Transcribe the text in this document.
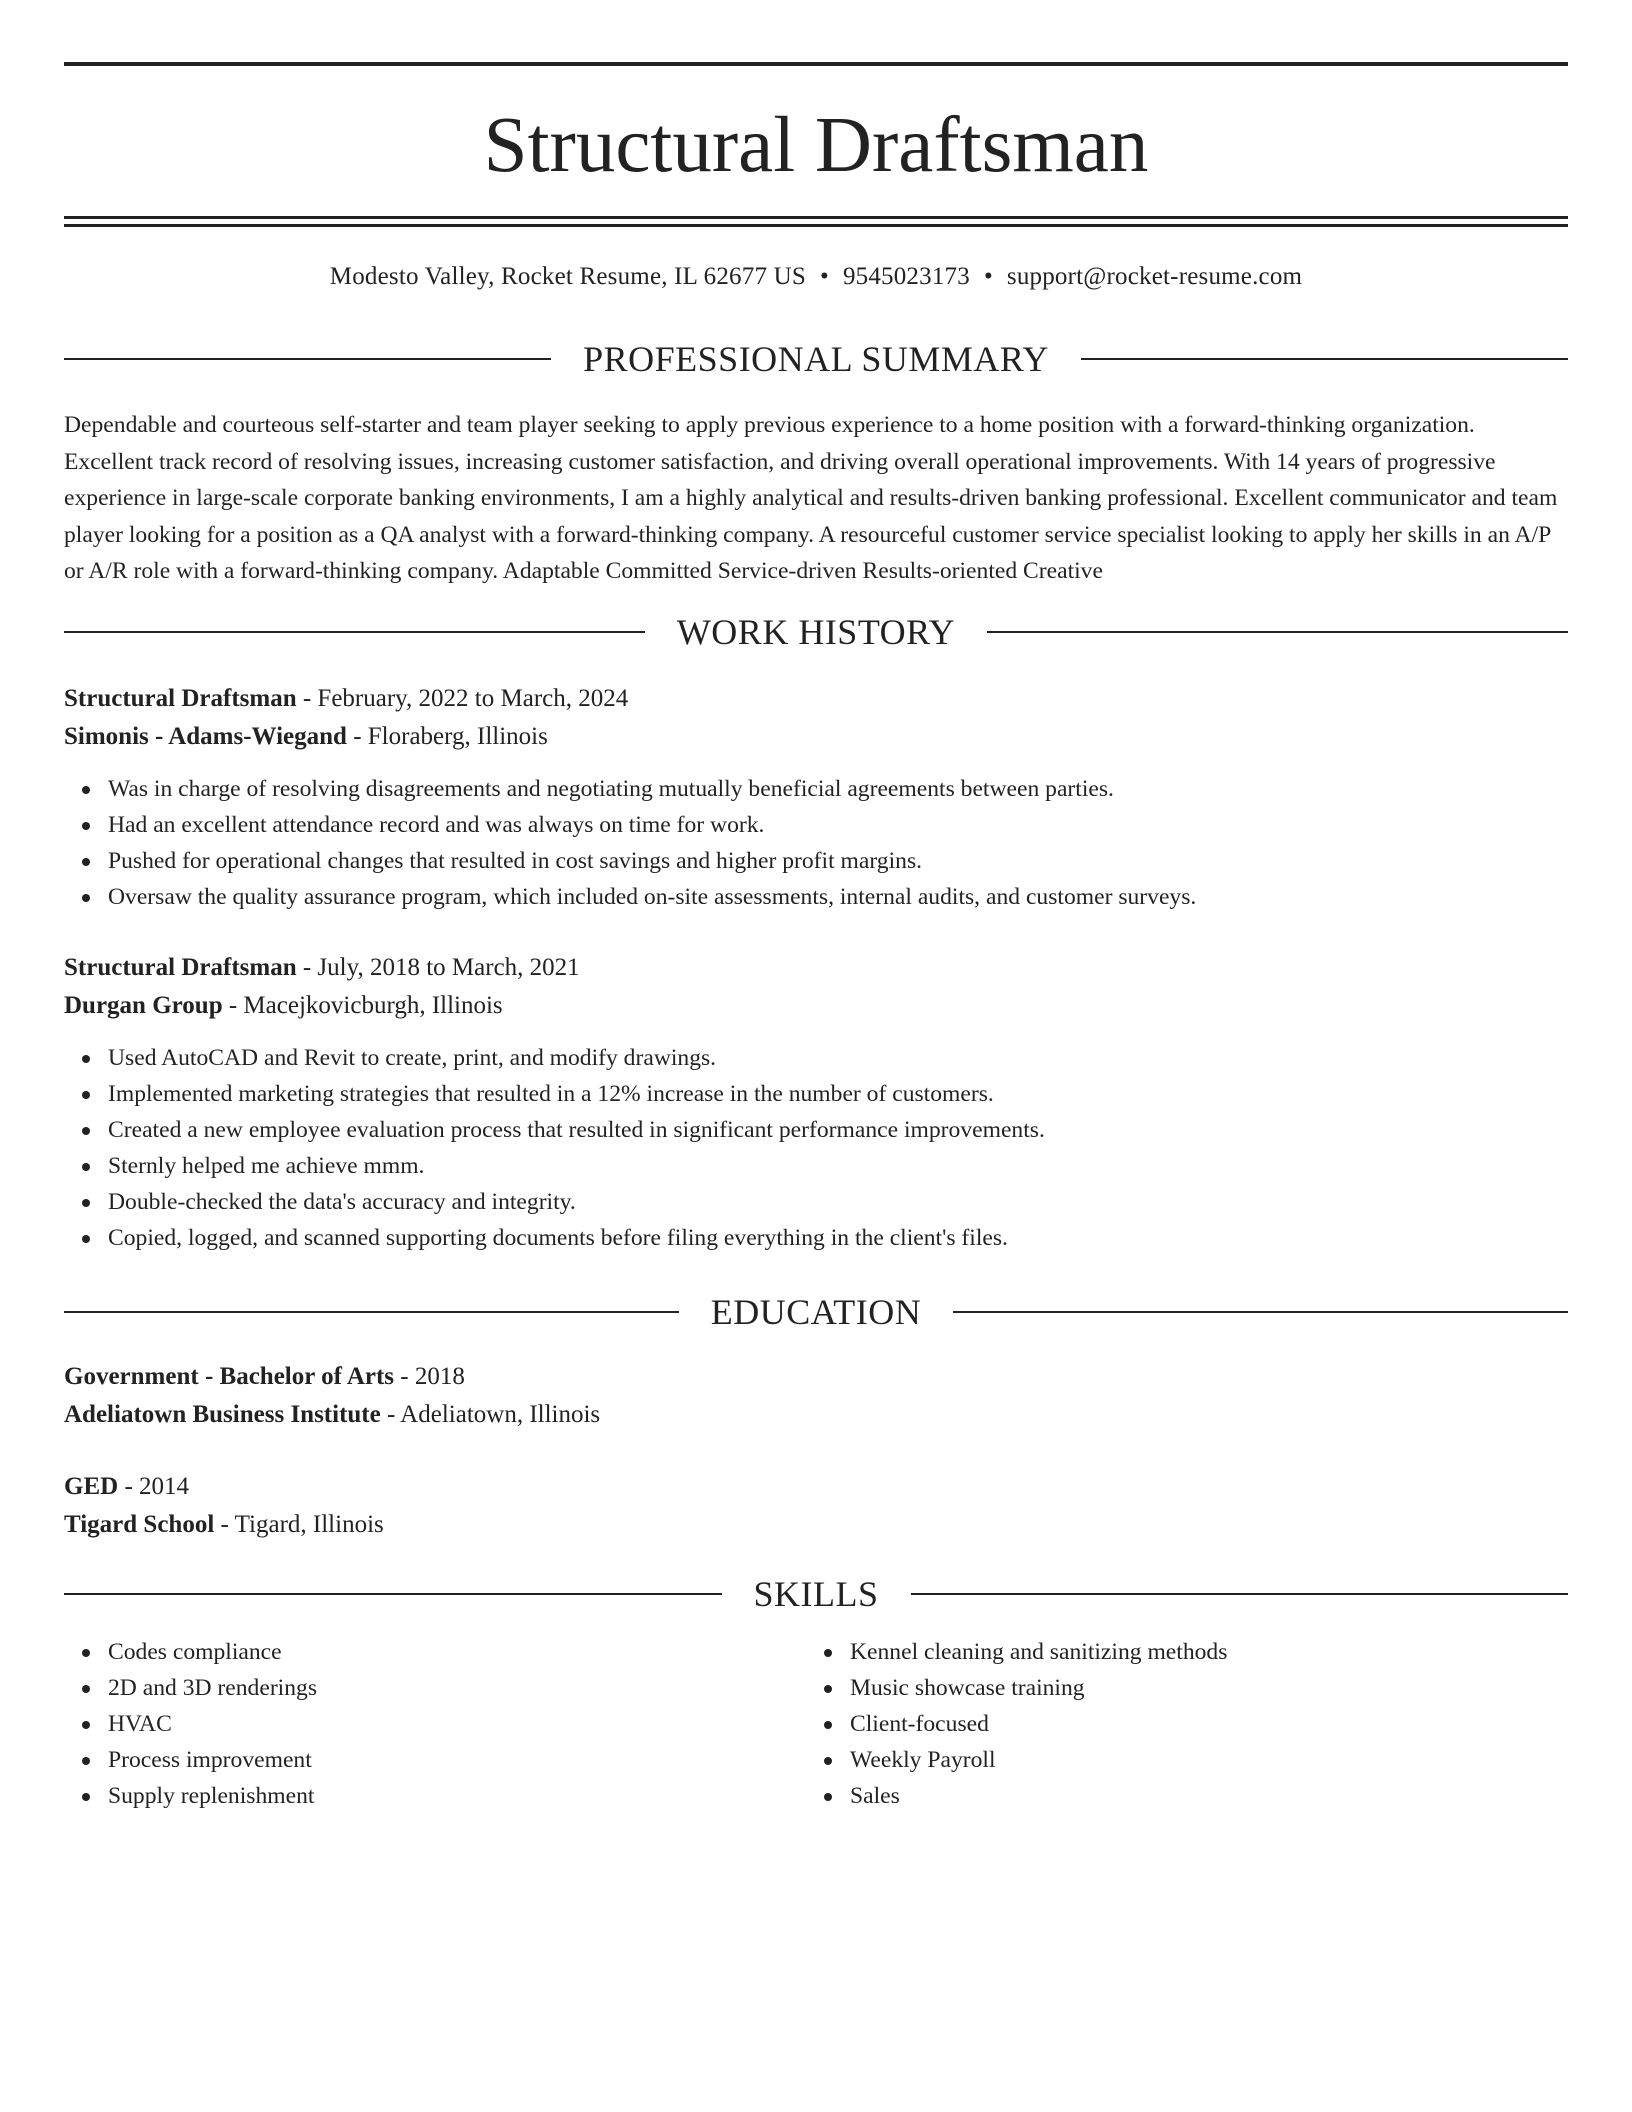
Structural Draftsman
Modesto Valley, Rocket Resume, IL 62677 US • 9545023173 • support@rocket-resume.com
PROFESSIONAL SUMMARY

Dependable and courteous self-starter and team player seeking to apply previous experience to a home position with a forward-thinking organization. Excellent track record of resolving issues, increasing customer satisfaction, and driving overall operational improvements. With 14 years of progressive experience in large-scale corporate banking environments, I am a highly analytical and results-driven banking professional. Excellent communicator and team player looking for a position as a QA analyst with a forward-thinking company. A resourceful customer service specialist looking to apply her skills in an A/P or A/R role with a forward-thinking company. Adaptable Committed Service-driven Results-oriented Creative

WORK HISTORY
Structural Draftsman - February, 2022 to March, 2024
Simonis - Adams-Wiegand - Floraberg, Illinois
Was in charge of resolving disagreements and negotiating mutually beneficial agreements between parties.
Had an excellent attendance record and was always on time for work.
Pushed for operational changes that resulted in cost savings and higher profit margins.
Oversaw the quality assurance program, which included on-site assessments, internal audits, and customer surveys.
Structural Draftsman - July, 2018 to March, 2021
Durgan Group - Macejkovicburgh, Illinois
Used AutoCAD and Revit to create, print, and modify drawings.
Implemented marketing strategies that resulted in a 12% increase in the number of customers.
Created a new employee evaluation process that resulted in significant performance improvements.
Sternly helped me achieve mmm.
Double-checked the data's accuracy and integrity.
Copied, logged, and scanned supporting documents before filing everything in the client's files.
EDUCATION
Government - Bachelor of Arts - 2018
Adeliatown Business Institute - Adeliatown, Illinois
GED - 2014
Tigard School - Tigard, Illinois
SKILLS
Codes compliance
2D and 3D renderings
HVAC
Process improvement
Supply replenishment
Kennel cleaning and sanitizing methods
Music showcase training
Client-focused
Weekly Payroll
Sales
